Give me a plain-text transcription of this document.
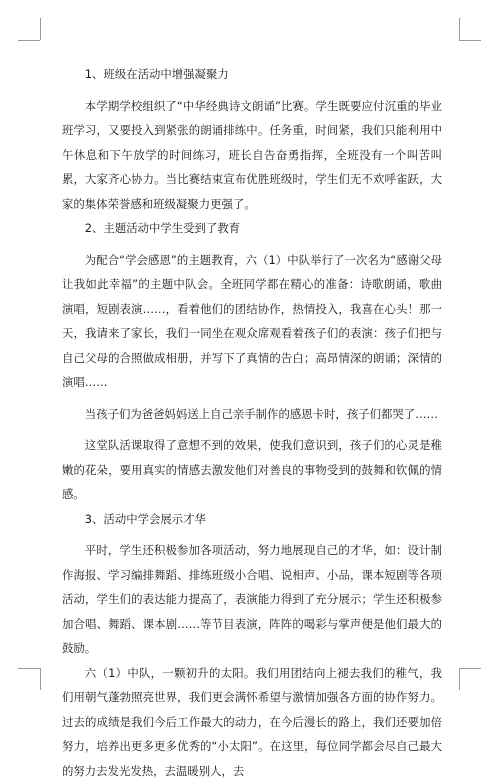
1、班级在活动中增强凝聚力

本学期学校组织了“中华经典诗文朗诵”比赛。学生既要应付沉重的毕业班学习，又要投入到紧张的朗诵排练中。任务重，时间紧，我们只能利用中午休息和下午放学的时间练习，班长自告奋勇指挥，全班没有一个叫苦叫累，大家齐心协力。当比赛结束宣布优胜班级时，学生们无不欢呼雀跃，大家的集体荣誉感和班级凝聚力更强了。

2、主题活动中学生受到了教育

为配合“学会感恩”的主题教育，六（1）中队举行了一次名为“感谢父母让我如此幸福”的主题中队会。全班同学都在精心的准备：诗歌朗诵，歌曲演唱，短剧表演……，看着他们的团结协作，热情投入，我喜在心头！那一天，我请来了家长，我们一同坐在观众席观看着孩子们的表演：孩子们把与自己父母的合照做成相册，并写下了真情的告白；高昂情深的朗诵；深情的演唱……

当孩子们为爸爸妈妈送上自己亲手制作的感恩卡时，孩子们都哭了……

这堂队活课取得了意想不到的效果，使我们意识到，孩子们的心灵是稚嫩的花朵，要用真实的情感去激发他们对善良的事物受到的鼓舞和钦佩的情感。

3、活动中学会展示才华

平时，学生还积极参加各项活动，努力地展现自己的才华，如：设计制作海报、学习编排舞蹈、排练班级小合唱、说相声、小品，课本短剧等各项活动，学生们的表达能力提高了，表演能力得到了充分展示；学生还积极参加合唱、舞蹈、课本剧……等节目表演，阵阵的喝彩与掌声便是他们最大的鼓励。

六（1）中队，一颗初升的太阳。我们用团结向上褪去我们的稚气，我们用朝气蓬勃照亮世界，我们更会满怀希望与激情加强各方面的协作努力。过去的成绩是我们今后工作最大的动力，在今后漫长的路上，我们还要加倍努力，培养出更多更多优秀的“小太阳”。在这里，每位同学都会尽自己最大的努力去发光发热，去温暖别人，去
